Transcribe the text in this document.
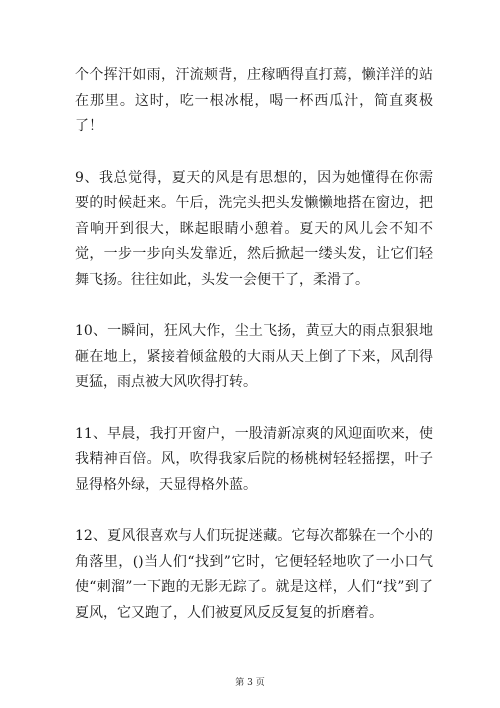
个个挥汗如雨，汗流颊背，庄稼晒得直打蔫，懒洋洋的站在那里。这时，吃一根冰棍，喝一杯西瓜汁，简直爽极了！

9、我总觉得，夏天的风是有思想的，因为她懂得在你需要的时候赶来。午后，洗完头把头发懒懒地搭在窗边，把音响开到很大，眯起眼睛小憩着。夏天的风儿会不知不觉，一步一步向头发靠近，然后掀起一缕头发，让它们轻舞飞扬。往往如此，头发一会便干了，柔滑了。

10、一瞬间，狂风大作，尘土飞扬，黄豆大的雨点狠狠地砸在地上，紧接着倾盆般的大雨从天上倒了下来，风刮得更猛，雨点被大风吹得打转。

11、早晨，我打开窗户，一股清新凉爽的风迎面吹来，使我精神百倍。风，吹得我家后院的杨桃树轻轻摇摆，叶子显得格外绿，天显得格外蓝。

12、夏风很喜欢与人们玩捉迷藏。它每次都躲在一个小的角落里，()当人们“找到”它时，它便轻轻地吹了一小口气使“刺溜”一下跑的无影无踪了。就是这样，人们“找”到了夏风，它又跑了，人们被夏风反反复复的折磨着。

第 3 页
